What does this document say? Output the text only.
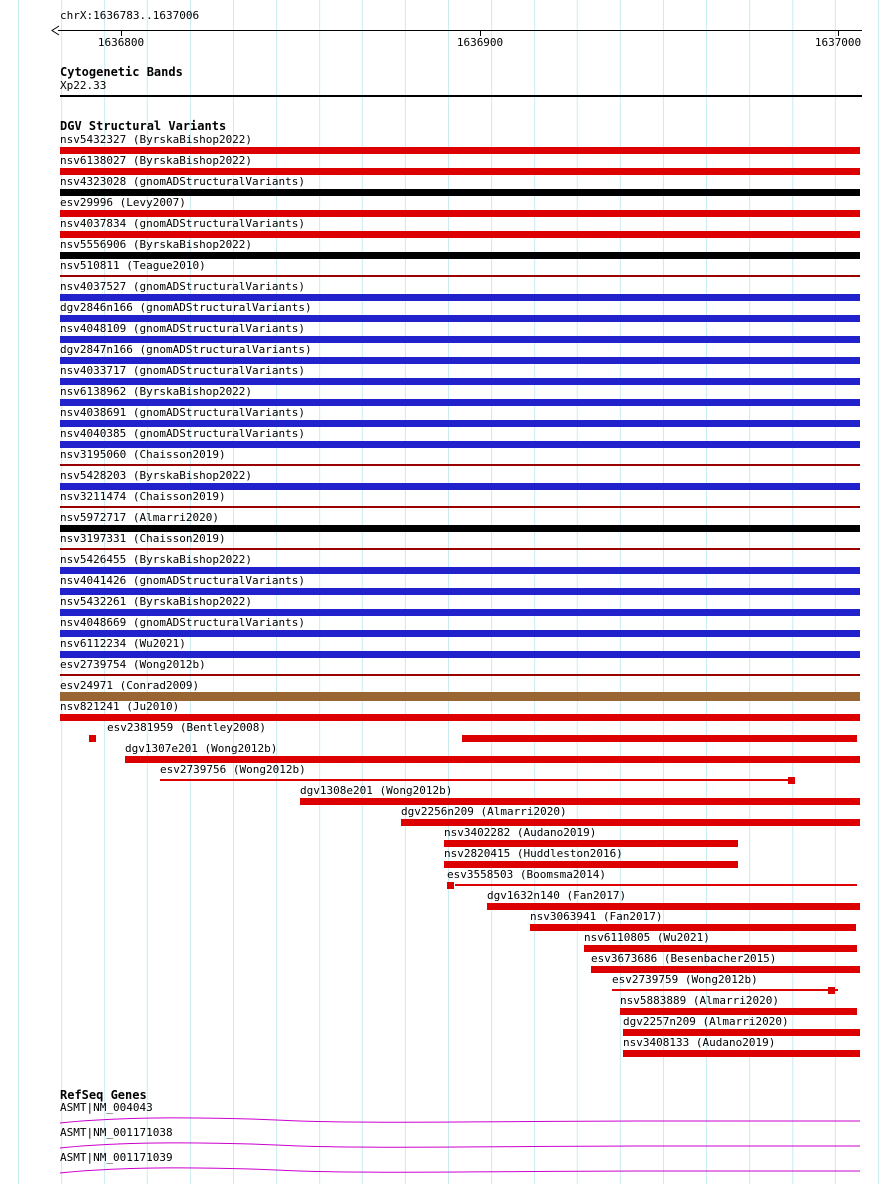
chrX:1636783..1637006
1636800	1636900	1637000
Cytogenetic Bands
Xp22.33
DGV Structural Variants
nsv5432327 (ByrskaBishop2022)
nsv6138027 (ByrskaBishop2022)
nsv4323028 (gnomADStructuralVariants)
esv29996 (Levy2007)
nsv4037834 (gnomADStructuralVariants)
nsv5556906 (ByrskaBishop2022)
nsv510811 (Teague2010)
nsv4037527 (gnomADStructuralVariants)
dgv2846n166 (gnomADStructuralVariants)
nsv4048109 (gnomADStructuralVariants)
dgv2847n166 (gnomADStructuralVariants)
nsv4033717 (gnomADStructuralVariants)
nsv6138962 (ByrskaBishop2022)
nsv4038691 (gnomADStructuralVariants)
nsv4040385 (gnomADStructuralVariants)
nsv3195060 (Chaisson2019)
nsv5428203 (ByrskaBishop2022)
nsv3211474 (Chaisson2019)
nsv5972717 (Almarri2020)
nsv3197331 (Chaisson2019)
nsv5426455 (ByrskaBishop2022)
nsv4041426 (gnomADStructuralVariants)
nsv5432261 (ByrskaBishop2022)
nsv4048669 (gnomADStructuralVariants)
nsv6112234 (Wu2021)
esv2739754 (Wong2012b)
esv24971 (Conrad2009)
nsv821241 (Ju2010)
esv2381959 (Bentley2008)
dgv1307e201 (Wong2012b)
esv2739756 (Wong2012b)
dgv1308e201 (Wong2012b)
dgv2256n209 (Almarri2020)
nsv3402282 (Audano2019)
nsv2820415 (Huddleston2016)
esv3558503 (Boomsma2014)
dgv1632n140 (Fan2017)
nsv3063941 (Fan2017)
nsv6110805 (Wu2021)
esv3673686 (Besenbacher2015)
esv2739759 (Wong2012b)
nsv5883889 (Almarri2020)
dgv2257n209 (Almarri2020)
nsv3408133 (Audano2019)
RefSeq Genes
ASMT|NM_004043
ASMT|NM_001171038
ASMT|NM_001171039
